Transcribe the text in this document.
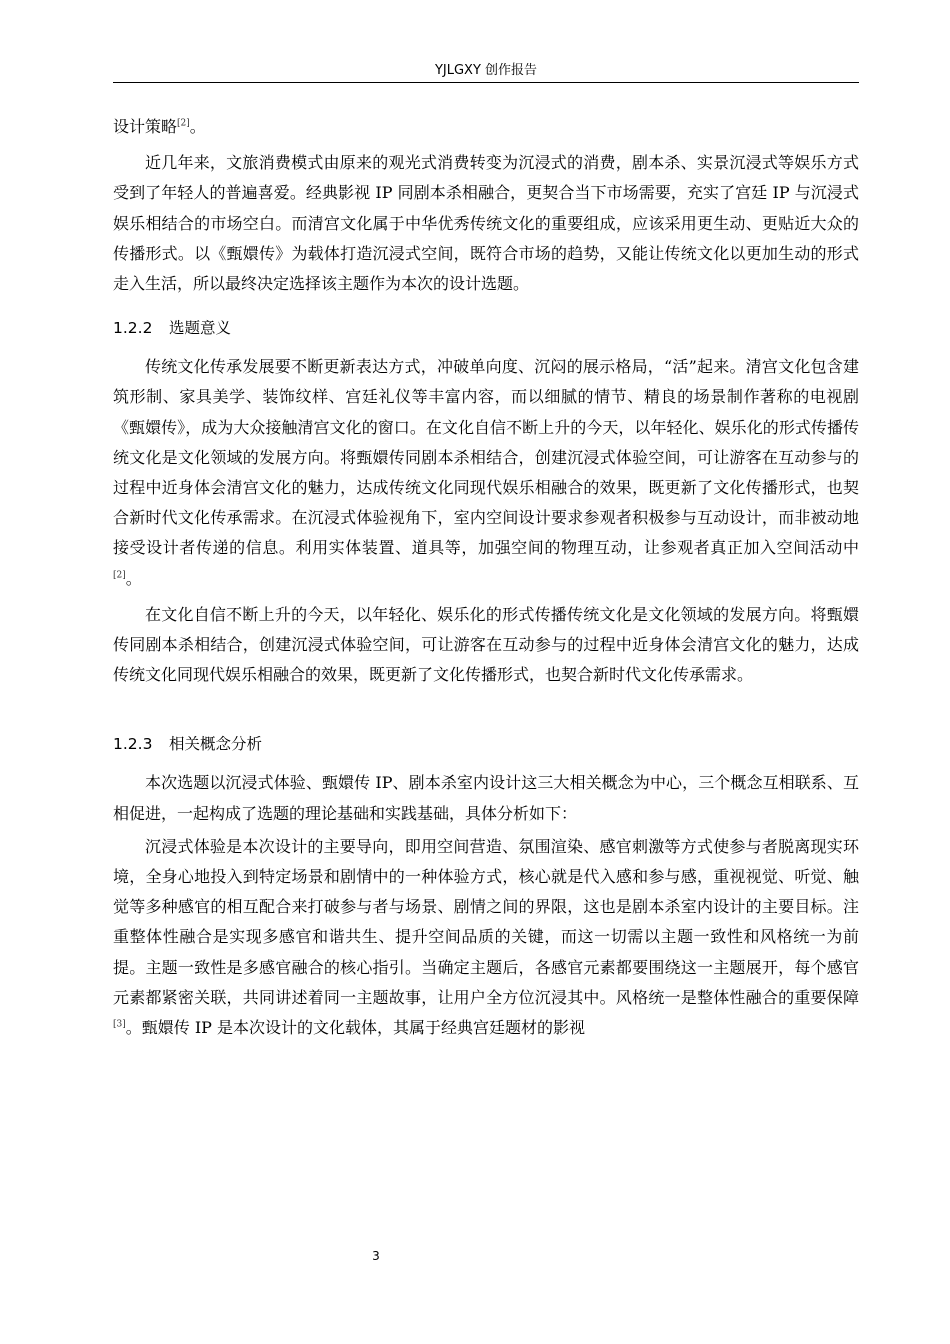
YJLGXY 创作报告

设计策略[2]。

近几年来，文旅消费模式由原来的观光式消费转变为沉浸式的消费，剧本杀、实景沉浸式等娱乐方式受到了年轻人的普遍喜爱。经典影视 IP 同剧本杀相融合，更契合当下市场需要，充实了宫廷 IP 与沉浸式娱乐相结合的市场空白。而清宫文化属于中华优秀传统文化的重要组成，应该采用更生动、更贴近大众的传播形式。以《甄嬛传》为载体打造沉浸式空间，既符合市场的趋势，又能让传统文化以更加生动的形式走入生活，所以最终决定选择该主题作为本次的设计选题。

1.2.2 选题意义

传统文化传承发展要不断更新表达方式，冲破单向度、沉闷的展示格局，“活”起来。清宫文化包含建筑形制、家具美学、装饰纹样、宫廷礼仪等丰富内容，而以细腻的情节、精良的场景制作著称的电视剧《甄嬛传》，成为大众接触清宫文化的窗口。在文化自信不断上升的今天，以年轻化、娱乐化的形式传播传统文化是文化领域的发展方向。将甄嬛传同剧本杀相结合，创建沉浸式体验空间，可让游客在互动参与的过程中近身体会清宫文化的魅力，达成传统文化同现代娱乐相融合的效果，既更新了文化传播形式，也契合新时代文化传承需求。在沉浸式体验视角下，室内空间设计要求参观者积极参与互动设计，而非被动地接受设计者传递的信息。利用实体装置、道具等，加强空间的物理互动，让参观者真正加入空间活动中[2]。

在文化自信不断上升的今天，以年轻化、娱乐化的形式传播传统文化是文化领域的发展方向。将甄嬛传同剧本杀相结合，创建沉浸式体验空间，可让游客在互动参与的过程中近身体会清宫文化的魅力，达成传统文化同现代娱乐相融合的效果，既更新了文化传播形式，也契合新时代文化传承需求。

1.2.3 相关概念分析

本次选题以沉浸式体验、甄嬛传 IP、剧本杀室内设计这三大相关概念为中心，三个概念互相联系、互相促进，一起构成了选题的理论基础和实践基础，具体分析如下：

沉浸式体验是本次设计的主要导向，即用空间营造、氛围渲染、感官刺激等方式使参与者脱离现实环境，全身心地投入到特定场景和剧情中的一种体验方式，核心就是代入感和参与感，重视视觉、听觉、触觉等多种感官的相互配合来打破参与者与场景、剧情之间的界限，这也是剧本杀室内设计的主要目标。注重整体性融合是实现多感官和谐共生、提升空间品质的关键，而这一切需以主题一致性和风格统一为前提。主题一致性是多感官融合的核心指引。当确定主题后，各感官元素都要围绕这一主题展开，每个感官元素都紧密关联，共同讲述着同一主题故事，让用户全方位沉浸其中。风格统一是整体性融合的重要保障[3]。甄嬛传 IP 是本次设计的文化载体，其属于经典宫廷题材的影视

3
